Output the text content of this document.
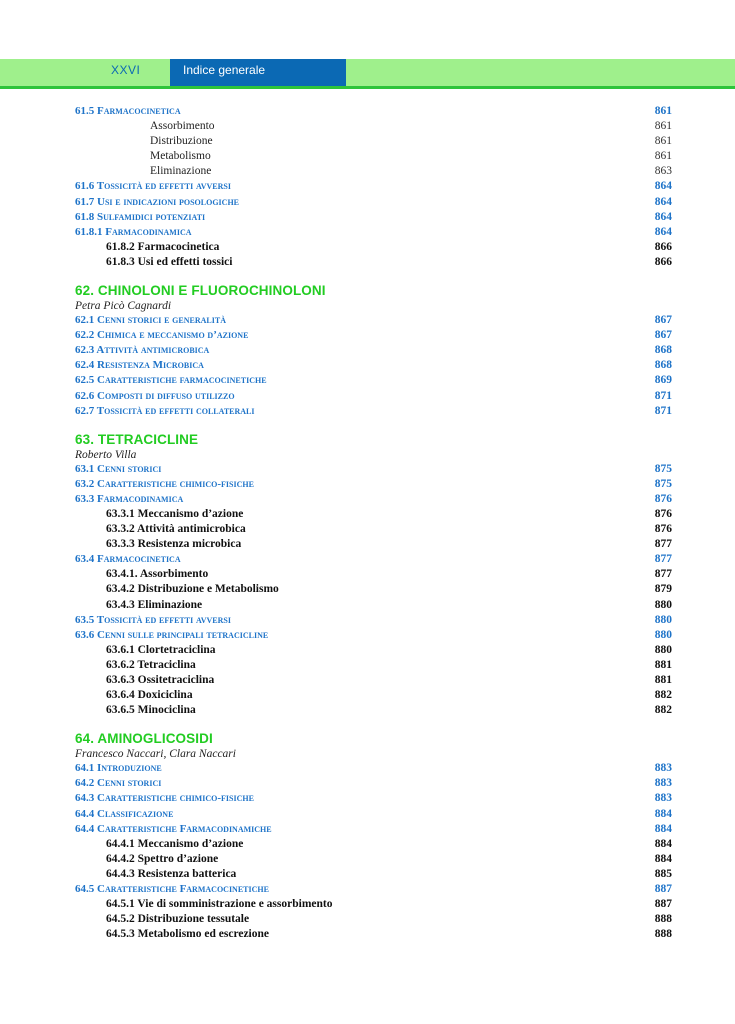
XXVI	Indice generale
61.5 Farmacocinetica	861
Assorbimento	861
Distribuzione	861
Metabolismo	861
Eliminazione	863
61.6 Tossicità ed effetti avversi	864
61.7 Usi e indicazioni posologiche	864
61.8 Sulfamidici potenziati	864
61.8.1 Farmacodinamica	864
61.8.2 Farmacocinetica	866
61.8.3 Usi ed effetti tossici	866
62. CHINOLONI E FLUOROCHINOLONI
Petra Picò Cagnardi
62.1 Cenni storici e generalità	867
62.2 Chimica e meccanismo d’azione	867
62.3 Attività antimicrobica	868
62.4 Resistenza Microbica	868
62.5 Caratteristiche farmacocinetiche	869
62.6 Composti di diffuso utilizzo	871
62.7 Tossicità ed effetti collaterali	871
63. TETRACICLINE
Roberto Villa
63.1 Cenni storici	875
63.2 Caratteristiche chimico-fisiche	875
63.3 Farmacodinamica	876
63.3.1 Meccanismo d’azione	876
63.3.2 Attività antimicrobica	876
63.3.3 Resistenza microbica	877
63.4 Farmacocinetica	877
63.4.1. Assorbimento	877
63.4.2 Distribuzione e Metabolismo	879
63.4.3 Eliminazione	880
63.5 Tossicità ed effetti avversi	880
63.6 Cenni sulle principali tetracicline	880
63.6.1 Clortetraciclina	880
63.6.2 Tetraciclina	881
63.6.3 Ossitetraciclina	881
63.6.4 Doxiciclina	882
63.6.5 Minociclina	882
64. AMINOGLICOSIDI
Francesco Naccari, Clara Naccari
64.1 Introduzione	883
64.2 Cenni storici	883
64.3 Caratteristiche chimico-fisiche	883
64.4 Classificazione	884
64.4 Caratteristiche Farmacodinamiche	884
64.4.1 Meccanismo d’azione	884
64.4.2 Spettro d’azione	884
64.4.3 Resistenza batterica	885
64.5 Caratteristiche Farmacocinetiche	887
64.5.1 Vie di somministrazione e assorbimento	887
64.5.2 Distribuzione tessutale	888
64.5.3 Metabolismo ed escrezione	888
